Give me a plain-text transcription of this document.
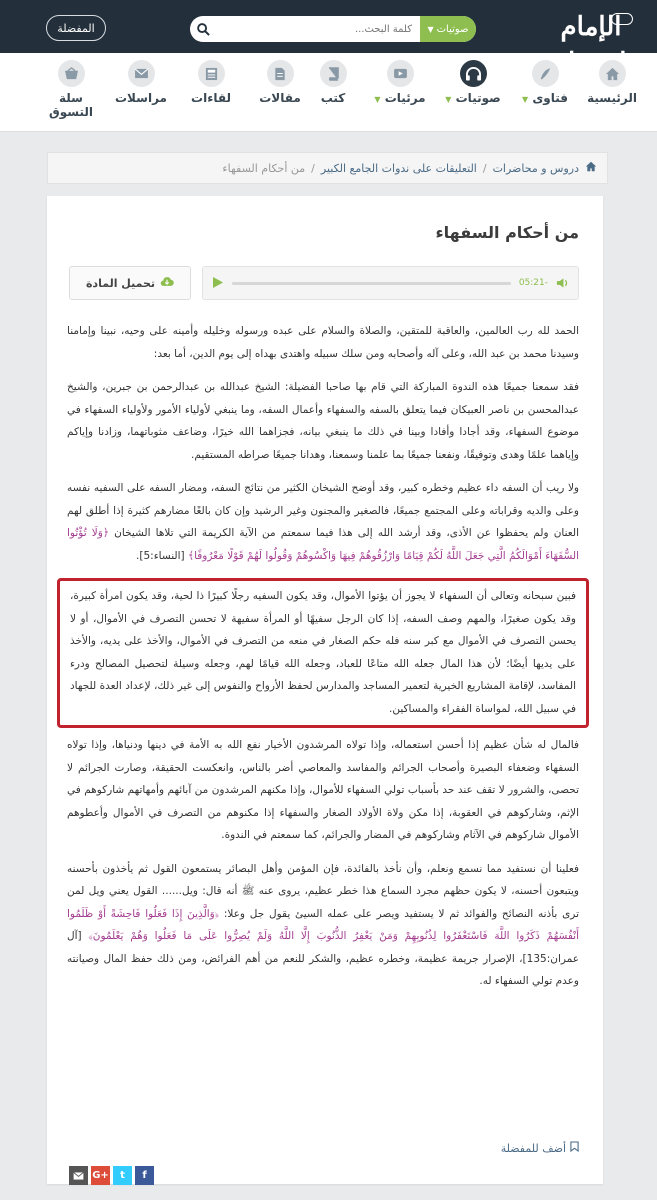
الإمام
صوتيات
▼
كلمة البحث...
المفضلة
سلة
التسوق
مراسلات	لقاءات	مقالات	كتب	مرئيات ▼	صوتيات ▼	فتاوى ▼	الرئيسية
دروس و محاضرات
/
التعليقات على ندوات الجامع الكبير
/
من أحكام السفهاء
من أحكام السفهاء
05:21-
تحميل المادة

الحمد لله رب العالمين، والعاقبة للمتقين، والصلاة والسلام على عبده ورسوله وخليله وأمينه على وحيه، نبينا وإمامنا وسيدنا محمد بن عبد الله، وعلى آله وأصحابه ومن سلك سبيله واهتدى بهداه إلى يوم الدين، أما بعد:

فقد سمعنا جميعًا هذه الندوة المباركة التي قام بها صاحبا الفضيلة: الشيخ عبدالله بن عبدالرحمن بن جبرين، والشيخ عبدالمحسن بن ناصر العبيكان فيما يتعلق بالسفه والسفهاء وأعمال السفه، وما ينبغي لأولياء الأمور ولأولياء السفهاء في موضوع السفهاء، وقد أجادا وأفادا وبينا في ذلك ما ينبغي بيانه، فجزاهما الله خيرًا، وضاعف مثوباتهما، وزادنا وإياكم وإياهما علمًا وهدى وتوفيقًا، ونفعنا جميعًا بما علمنا وسمعنا، وهدانا جميعًا صراطه المستقيم.

ولا ريب أن السفه داء عظيم وخطره كبير، وقد أوضح الشيخان الكثير من نتائج السفه، ومضار السفه على السفيه نفسه وعلى والديه وقراباته وعلى المجتمع جميعًا، فالصغير والمجنون وغير الرشيد وإن كان بالغًا مضارهم كثيرة إذا أطلق لهم العنان ولم يحفظوا عن الأذى، وقد أرشد الله إلى هذا فيما سمعتم من الآية الكريمة التي تلاها الشيخان ﴿وَلَا تُؤْتُوا السُّفَهَاءَ أَمْوَالَكُمُ الَّتِي جَعَلَ اللَّهُ لَكُمْ قِيَامًا وَارْزُقُوهُمْ فِيهَا وَاكْسُوهُمْ وَقُولُوا لَهُمْ قَوْلًا مَعْرُوفًا﴾ [النساء:5].

فبين سبحانه وتعالى أن السفهاء لا يجوز أن يؤتوا الأموال، وقد يكون السفيه رجلًا كبيرًا ذا لحية، وقد يكون امرأة كبيرة، وقد يكون صغيرًا، والمهم وصف السفه، إذا كان الرجل سفيهًا أو المرأة سفيهة لا تحسن التصرف في الأموال، أو لا يحسن التصرف في الأموال مع كبر سنه فله حكم الصغار في منعه من التصرف في الأموال، والأخذ على يديه، والأخذ على يديها أيضًا؛ لأن هذا المال جعله الله متاعًا للعباد، وجعله الله قيامًا لهم، وجعله وسيلة لتحصيل المصالح ودرء المفاسد، لإقامة المشاريع الخيرية لتعمير المساجد والمدارس لحفظ الأرواح والنفوس إلى غير ذلك، لإعداد العدة للجهاد في سبيل الله، لمواساة الفقراء والمساكين.

فالمال له شأن عظيم إذا أحسن استعماله، وإذا تولاه المرشدون الأخيار نفع الله به الأمة في دينها ودنياها، وإذا تولاه السفهاء وضعفاء البصيرة وأصحاب الجرائم والمفاسد والمعاصي أضر بالناس، وانعكست الحقيقة، وصارت الجرائم لا تحصى، والشرور لا تقف عند حد بأسباب تولي السفهاء للأموال، وإذا مكنهم المرشدون من آبائهم وأمهاتهم شاركوهم في الإثم، وشاركوهم في العقوبة، إذا مكن ولاة الأولاد الصغار والسفهاء إذا مكنوهم من التصرف في الأموال وأعطوهم الأموال شاركوهم في الآثام وشاركوهم في المضار والجرائم، كما سمعتم في الندوة.

فعلينا أن نستفيد مما نسمع ونعلم، وأن نأخذ بالفائدة، فإن المؤمن وأهل البصائر يستمعون القول ثم يأخذون بأحسنه ويتبعون أحسنه، لا يكون حظهم مجرد السماع هذا خطر عظيم، يروى عنه ﷺ أنه قال: ويل...... القول يعني ويل لمن ترى بأذنه النصائح والفوائد ثم لا يستفيد ويصر على عمله السيئ يقول جل وعلا: ﴿وَالَّذِينَ إِذَا فَعَلُوا فَاحِشَةً أَوْ ظَلَمُوا أَنْفُسَهُمْ ذَكَرُوا اللَّهَ فَاسْتَغْفَرُوا لِذُنُوبِهِمْ وَمَنْ يَغْفِرُ الذُّنُوبَ إِلَّا اللَّهُ وَلَمْ يُصِرُّوا عَلَى مَا فَعَلُوا وَهُمْ يَعْلَمُونَ﴾ [آل عمران:135]، الإصرار جريمة عظيمة، وخطره عظيم، والشكر للنعم من أهم الفرائض، ومن ذلك حفظ المال وصيانته وعدم تولي السفهاء له.

أضف للمفضلة
G+	t	f
